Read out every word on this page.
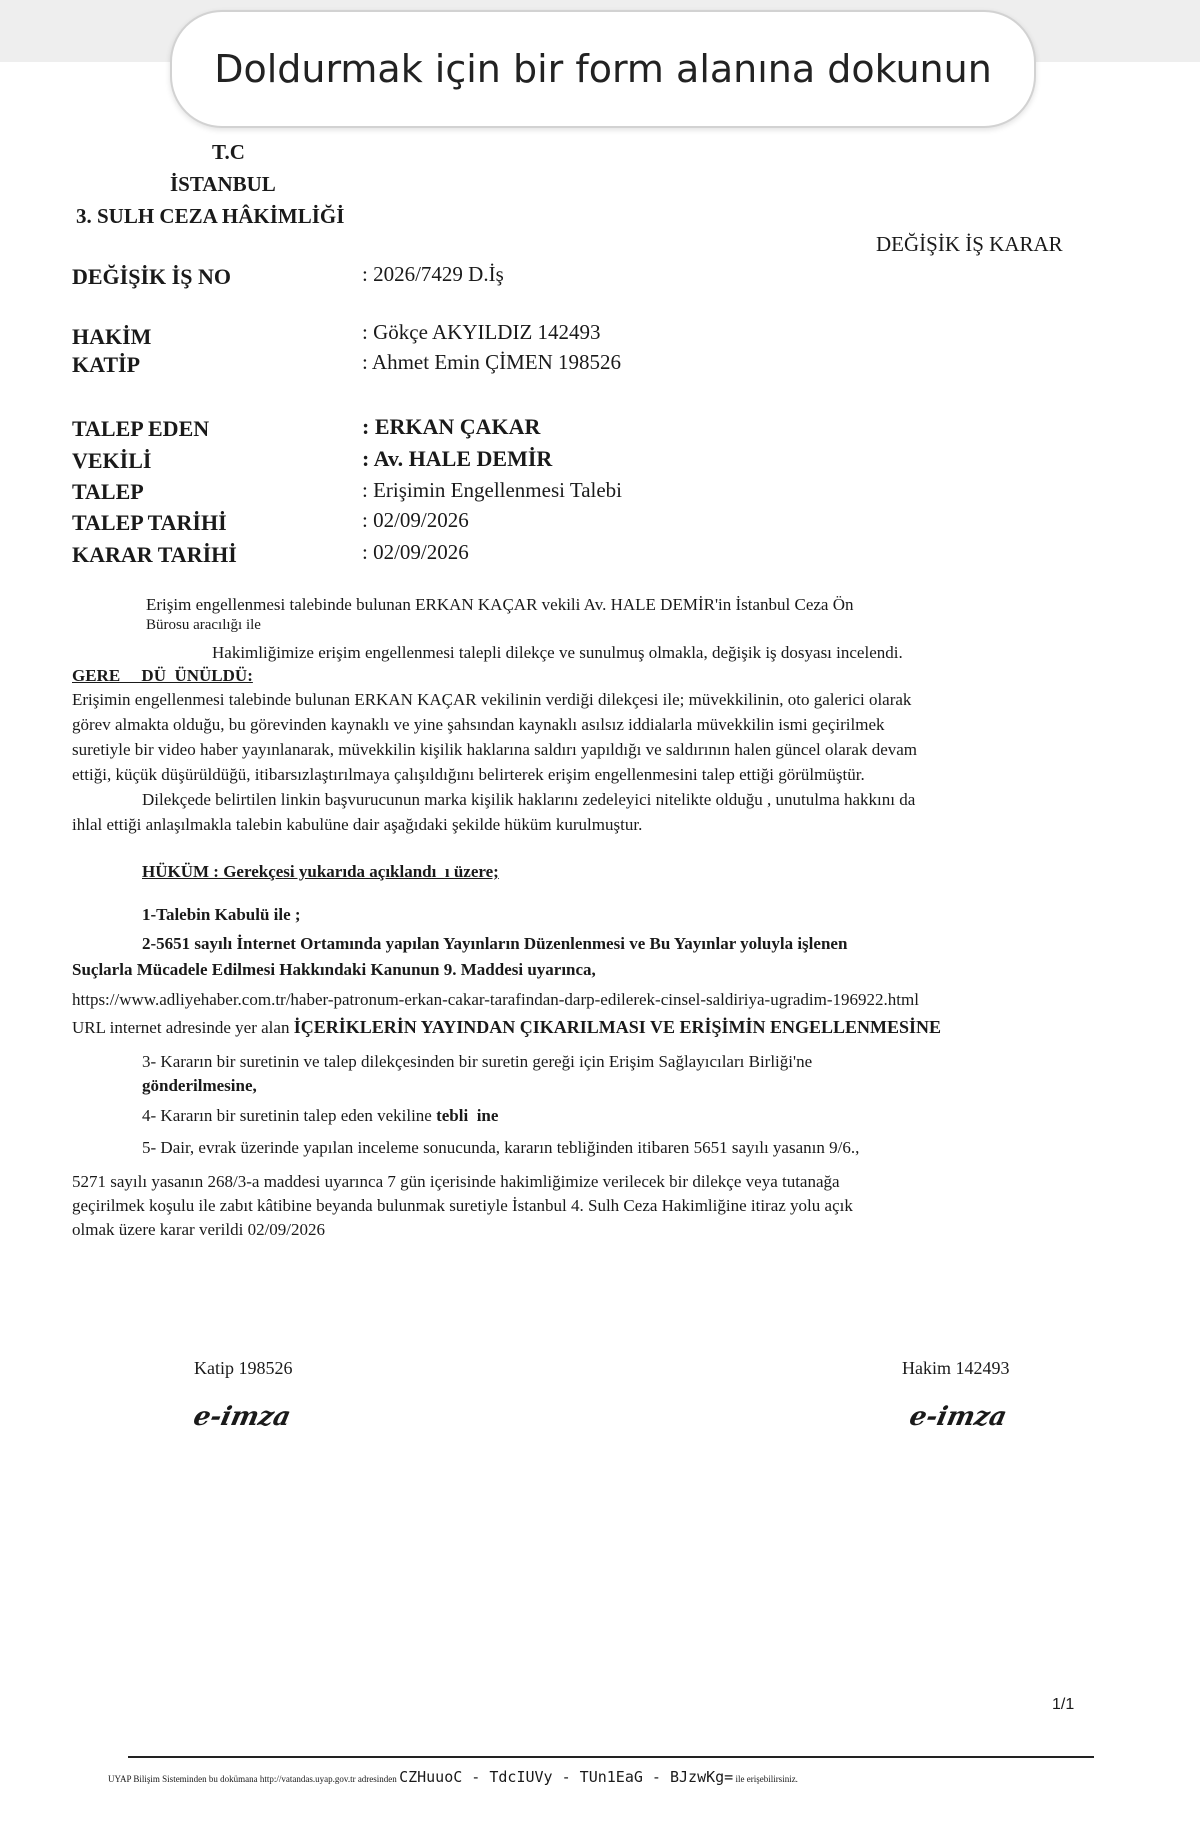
T.C
İSTANBUL
3. SULH CEZA HÂKİMLİĞİ
DEĞİŞİK İŞ KARAR
DEĞİŞİK İŞ NO	: 2026/7429 D.İş
HAKİM	: Gökçe AKYILDIZ 142493
KATİP	: Ahmet Emin ÇİMEN 198526
TALEP EDEN	: ERKAN ÇAKAR
VEKİLİ	: Av. HALE DEMİR
TALEP	: Erişimin Engellenmesi Talebi
TALEP TARİHİ	: 02/09/2026
KARAR TARİHİ	: 02/09/2026
Erişim engellenmesi talebinde bulunan ERKAN KAÇAR vekili Av. HALE DEMİR'in İstanbul Ceza Ön
Bürosu aracılığı ile
Hakimliğimize erişim engellenmesi talepli dilekçe ve sunulmuş olmakla, değişik iş dosyası incelendi.
GERE     DÜ  ÜNÜLDÜ:
Erişimin engellenmesi talebinde bulunan ERKAN KAÇAR vekilinin verdiği dilekçesi ile; müvekkilinin, oto galerici olarak
görev almakta olduğu, bu görevinden kaynaklı ve yine şahsından kaynaklı asılsız iddialarla müvekkilin ismi geçirilmek
suretiyle bir video haber yayınlanarak, müvekkilin kişilik haklarına saldırı yapıldığı ve saldırının halen güncel olarak devam
ettiği, küçük düşürüldüğü, itibarsızlaştırılmaya çalışıldığını belirterek erişim engellenmesini talep ettiği görülmüştür.
Dilekçede belirtilen linkin başvurucunun marka kişilik haklarını zedeleyici nitelikte olduğu , unutulma hakkını da
ihlal ettiği anlaşılmakla talebin kabulüne dair aşağıdaki şekilde hüküm kurulmuştur.
HÜKÜM : Gerekçesi yukarıda açıklandı  ı üzere;
1-Talebin Kabulü ile ;
2-5651 sayılı İnternet Ortamında yapılan Yayınların Düzenlenmesi ve Bu Yayınlar yoluyla işlenen
Suçlarla Mücadele Edilmesi Hakkındaki Kanunun 9. Maddesi uyarınca,
https://www.adliyehaber.com.tr/haber-patronum-erkan-cakar-tarafindan-darp-edilerek-cinsel-saldiriya-ugradim-196922.html
URL internet adresinde yer alan İÇERİKLERİN YAYINDAN ÇIKARILMASI VE ERİŞİMİN ENGELLENMESİNE
3- Kararın bir suretinin ve talep dilekçesinden bir suretin gereği için Erişim Sağlayıcıları Birliği'ne
gönderilmesine,
4- Kararın bir suretinin talep eden vekiline tebli  ine
5- Dair, evrak üzerinde yapılan inceleme sonucunda, kararın tebliğinden itibaren 5651 sayılı yasanın 9/6.,
5271 sayılı yasanın 268/3-a maddesi uyarınca 7 gün içerisinde hakimliğimize verilecek bir dilekçe veya tutanağa
geçirilmek koşulu ile zabıt kâtibine beyanda bulunmak suretiyle İstanbul 4. Sulh Ceza Hakimliğine itiraz yolu açık
olmak üzere karar verildi 02/09/2026
Katip 198526	Hakim 142493
e-imza	e-imza
1/1
UYAP Bilişim Sisteminden bu dokümana http://vatandas.uyap.gov.tr adresinden CZHuuoC - TdcIUVy - TUn1EaG - BJzwKg= ile erişebilirsiniz.
Doldurmak için bir form alanına dokunun
